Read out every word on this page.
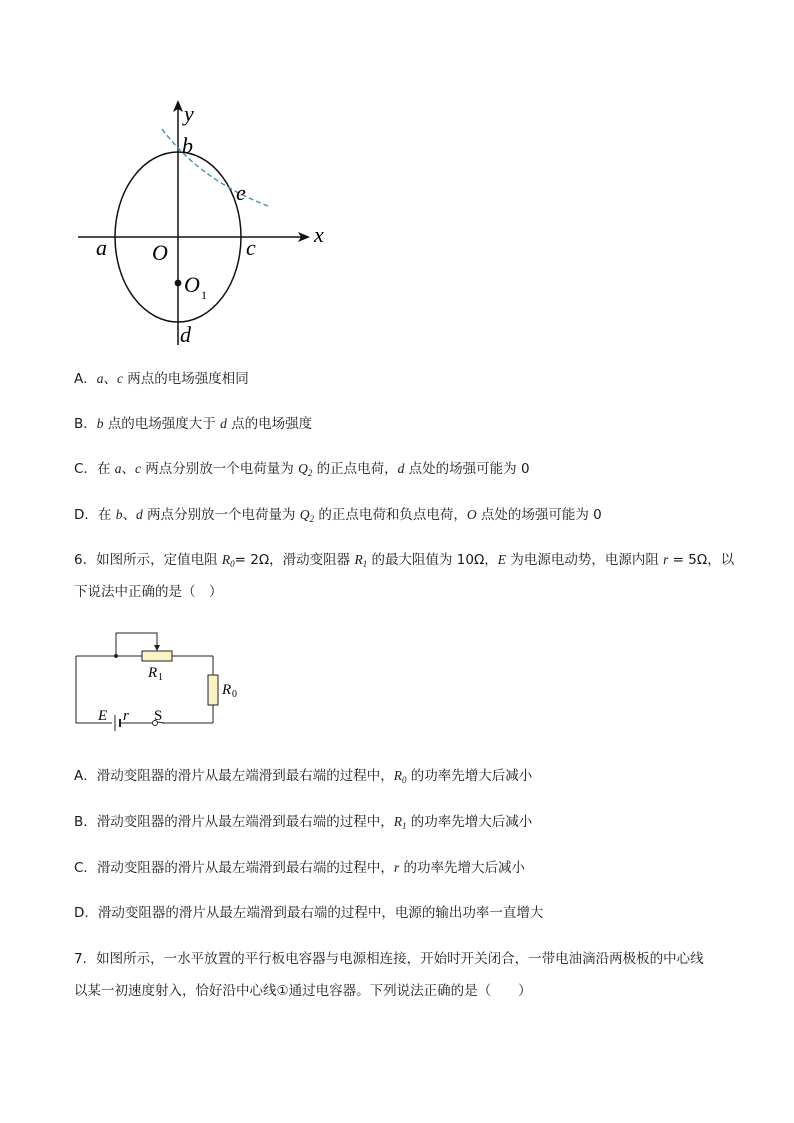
y
b
e
x
a O	c
O 1
d
A．a、c 两点的电场强度相同
B．b 点的电场强度大于 d 点的电场强度
C．在 a、c 两点分别放一个电荷量为 $Q_2$ 的正点电荷，d 点处的场强可能为 0
D．在 b、d 两点分别放一个电荷量为 $Q_2$ 的正点电荷和负点电荷，O 点处的场强可能为 0
6．如图所示，定值电阻 $R_0= 2\Omega$，滑动变阻器 $R_1$ 的最大阻值为 10Ω，E 为电源电动势，电源内阻 r = 5Ω，以
下说法中正确的是（　）
R 1
R 0
E r S
A．滑动变阻器的滑片从最左端滑到最右端的过程中，$R_0$ 的功率先增大后减小
B．滑动变阻器的滑片从最左端滑到最右端的过程中，$R_1$ 的功率先增大后减小
C．滑动变阻器的滑片从最左端滑到最右端的过程中，r 的功率先增大后减小
D．滑动变阻器的滑片从最左端滑到最右端的过程中，电源的输出功率一直增大
7．如图所示，一水平放置的平行板电容器与电源相连接，开始时开关闭合，一带电油滴沿两极板的中心线
以某一初速度射入，恰好沿中心线①通过电容器。下列说法正确的是（　　）
